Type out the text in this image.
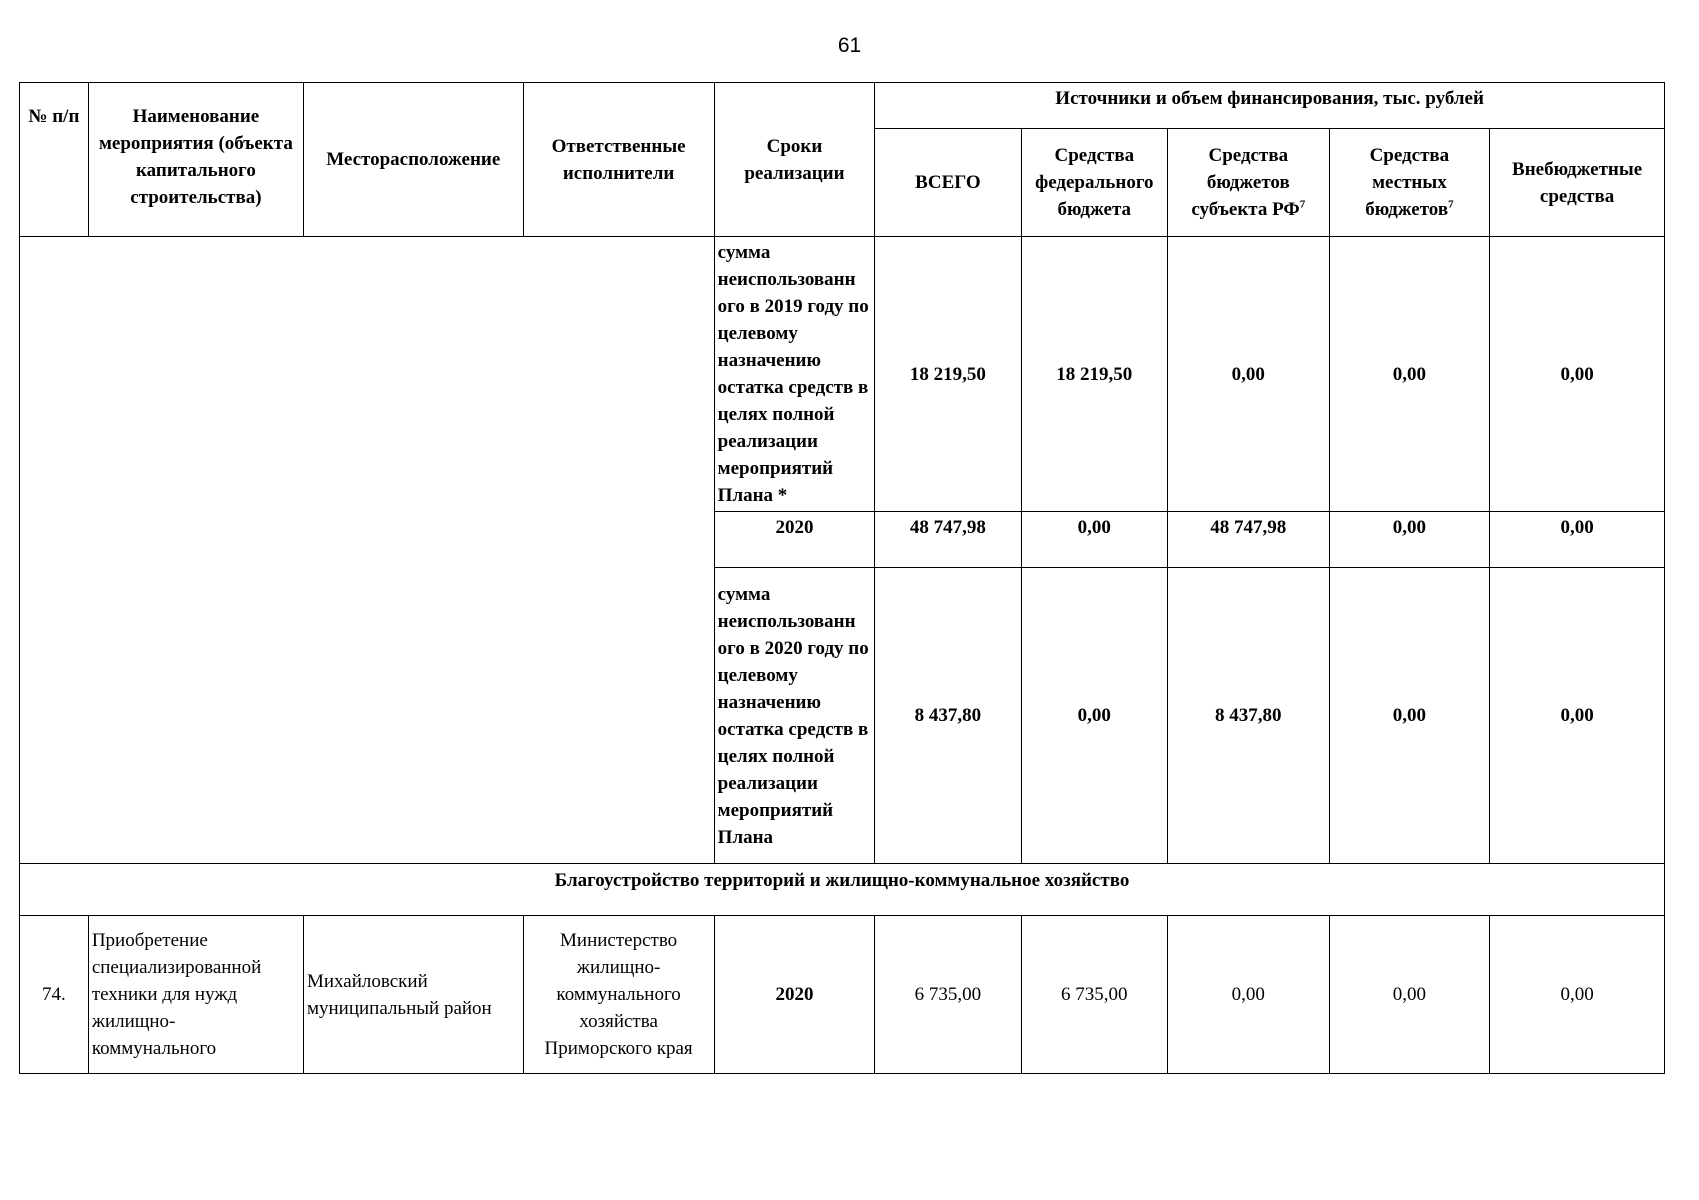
61
№ п/п	Наименование мероприятия (объекта капитального строительства)	Месторасположение	Ответственные исполнители	Сроки реализации	Источники и объем финансирования, тыс. рублей				
					ВСЕГО	Средства федерального бюджета	Средства бюджетов субъекта $РФ^7$	Средства местных бюджетов$^7$	Внебюджетные средства
				сумма неиспользованн ого в 2019 году по целевому назначению остатка средств в целях полной реализации мероприятий Плана *	18 219,50	18 219,50	0,00	0,00	0,00
				2020	48 747,98	0,00	48 747,98	0,00	0,00
				сумма неиспользованн ого в 2020 году по целевому назначению остатка средств в целях полной реализации мероприятий Плана	8 437,80	0,00	8 437,80	0,00	0,00
Благоустройство территорий и жилищно-коммунальное хозяйство									
74.	Приобретение специализированной техники для нужд жилищно- коммунального	Михайловский муниципальный район	Министерство жилищно- коммунального хозяйства Приморского края	2020	6 735,00	6 735,00	0,00	0,00	0,00
